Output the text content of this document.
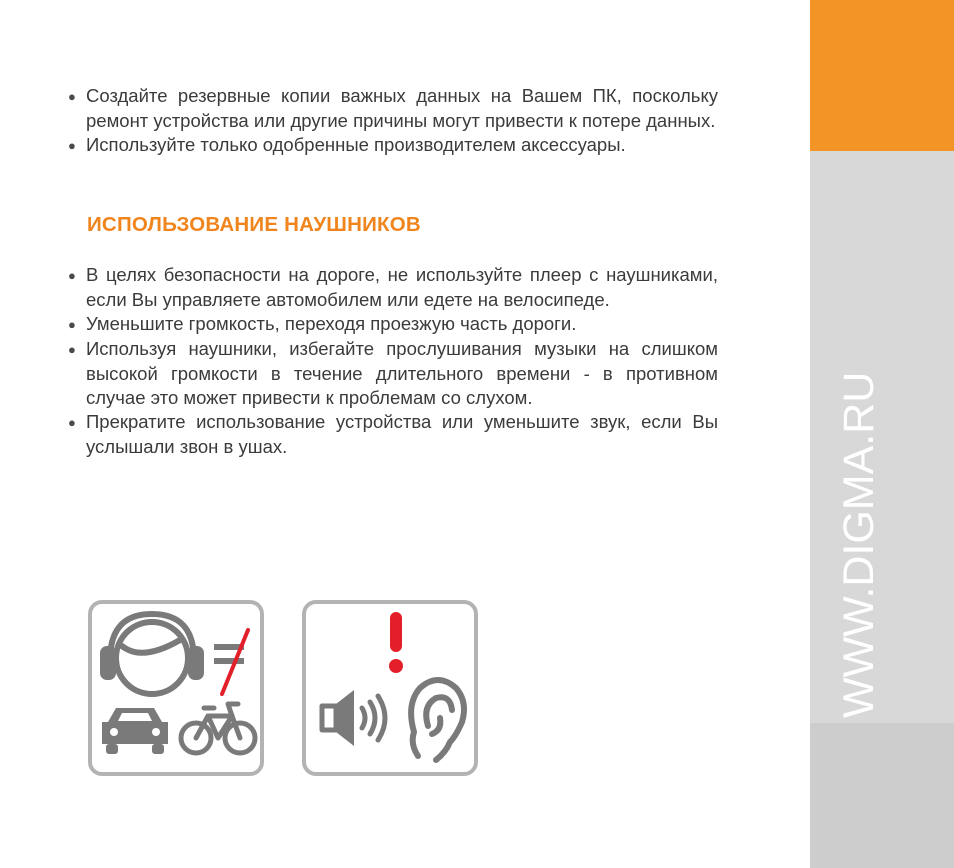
WWW.DIGMA.RU

● Создайте резервные копии важных данных на Вашем ПК, поскольку ремонт устройства или другие причины могут привести к потере данных.

● Используйте только одобренные производителем аксессуары.

ИСПОЛЬЗОВАНИЕ НАУШНИКОВ

● В целях безопасности на дороге, не используйте плеер с наушниками, если Вы управляете автомобилем или едете на велосипеде.

● Уменьшите громкость, переходя проезжую часть дороги.

● Используя наушники, избегайте прослушивания музыки на слишком высокой громкости в течение длительного времени - в противном случае это может привести к проблемам со слухом.

● Прекратите использование устройства или уменьшите звук, если Вы услышали звон в ушах.
